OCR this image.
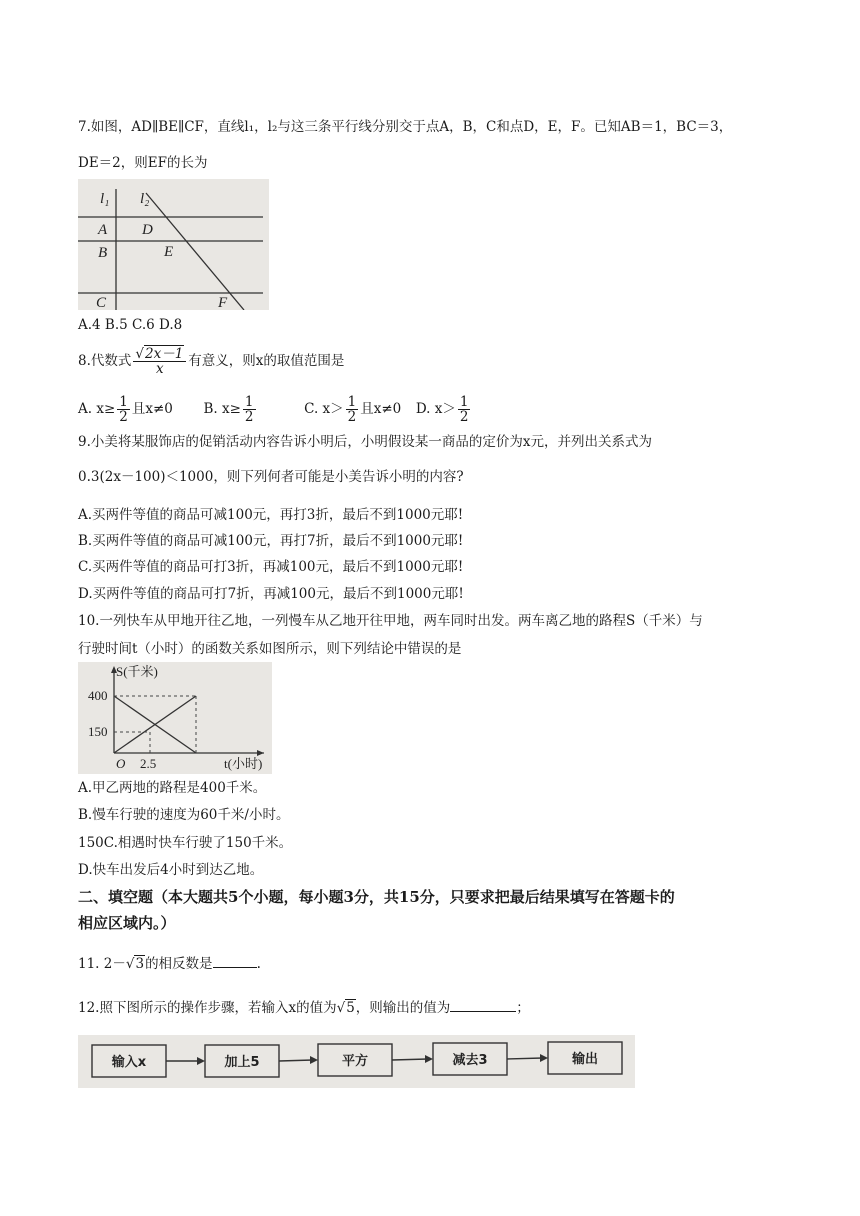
7.如图，AD∥BE∥CF，直线l₁，l₂与这三条平行线分别交于点A，B，C和点D，E，F。已知AB＝1，BC＝3，
DE＝2，则EF的长为
l₁ l₂
A
B
C
D
E
F
A.4 B.5 C.6 D.8
8.代数式 $\frac{√2x-1}{x}$ 有意义，则x的取值范围是
A. $x\ge \frac{1}{2}$ 且x≠0 B. $x\ge \frac{1}{2}$	C. $x> \frac{1}{2}$ 且x≠0 D. $x> \frac{1}{2}$
9.小美将某服饰店的促销活动内容告诉小明后，小明假设某一商品的定价为x元，并列出关系式为
0.3(2x－100)＜1000，则下列何者可能是小美告诉小明的内容?
A.买两件等值的商品可减100元，再打3折，最后不到1000元耶!
B.买两件等值的商品可减100元，再打7折，最后不到1000元耶!
C.买两件等值的商品可打3折，再减100元，最后不到1000元耶!
D.买两件等值的商品可打7折，再减100元，最后不到1000元耶!
10.一列快车从甲地开往乙地，一列慢车从乙地开往甲地，两车同时出发。两车离乙地的路程S（千米）与
行驶时间t（小时）的函数关系如图所示，则下列结论中错误的是
S(千米)
400
150
O 2.5	t(小时)
A.甲乙两地的路程是400千米。
B.慢车行驶的速度为60千米/小时。
150C.相遇时快车行驶了150千米。
D.快车出发后4小时到达乙地。
二、填空题（本大题共5个小题，每小题3分，共15分，只要求把最后结果填写在答题卡的
相应区域内。）
11. 2－√3的相反数是	.
12.照下图所示的操作步骤，若输入x的值为√5，则输出的值为	；
输入x	加上5	平方	减去3	输出
